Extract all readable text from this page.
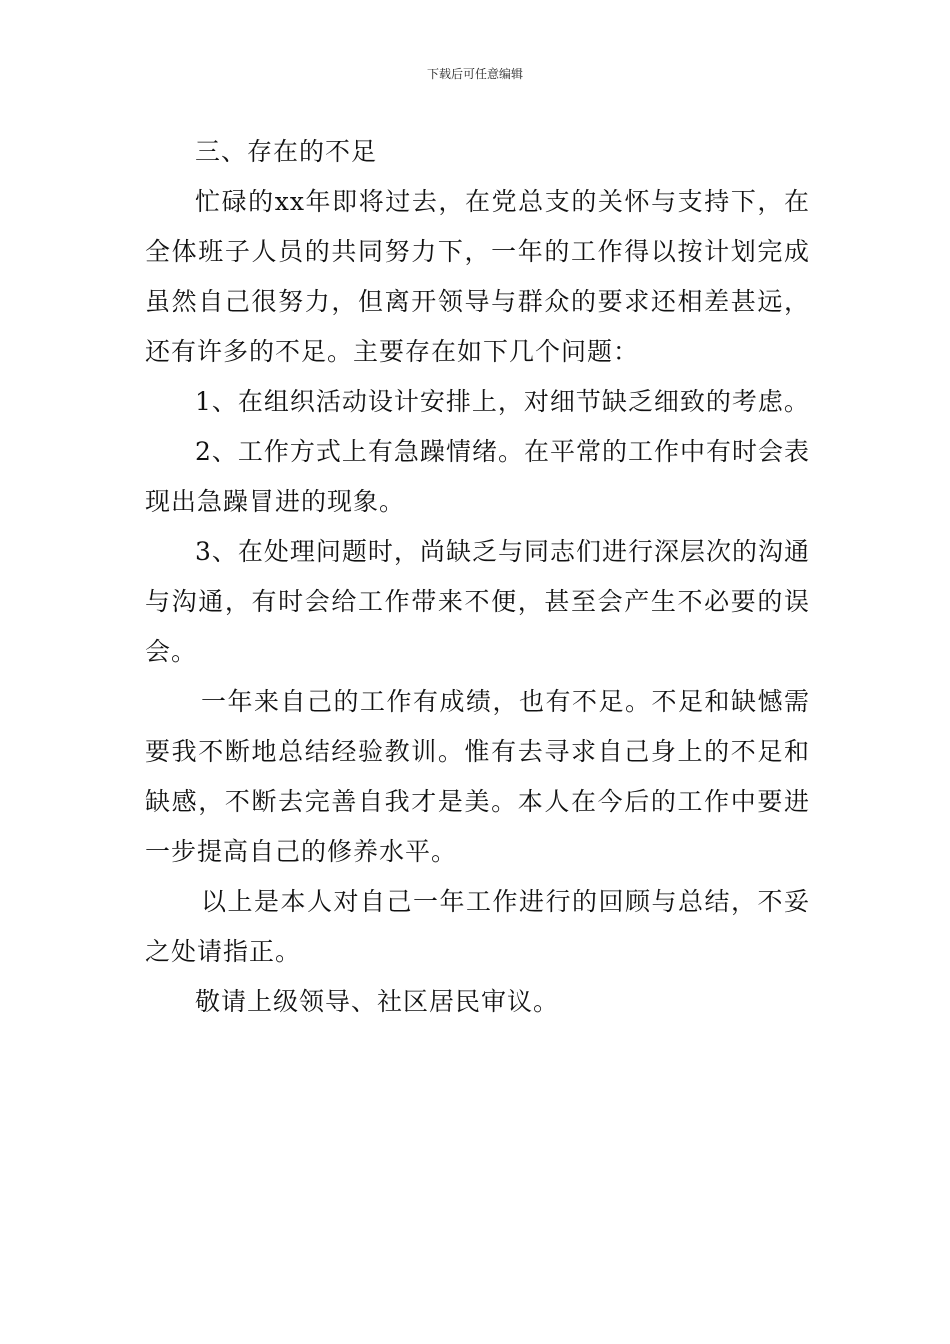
下载后可任意编辑

三、存在的不足

忙碌的xx年即将过去，在党总支的关怀与支持下，在全体班子人员的共同努力下，一年的工作得以按计划完成虽然自己很努力，但离开领导与群众的要求还相差甚远，还有许多的不足。主要存在如下几个问题：

1、在组织活动设计安排上，对细节缺乏细致的考虑。

2、工作方式上有急躁情绪。在平常的工作中有时会表现出急躁冒进的现象。

3、在处理问题时，尚缺乏与同志们进行深层次的沟通与沟通，有时会给工作带来不便，甚至会产生不必要的误会。

一年来自己的工作有成绩，也有不足。不足和缺憾需要我不断地总结经验教训。惟有去寻求自己身上的不足和缺感，不断去完善自我才是美。本人在今后的工作中要进一步提高自己的修养水平。

以上是本人对自己一年工作进行的回顾与总结，不妥之处请指正。

敬请上级领导、社区居民审议。
